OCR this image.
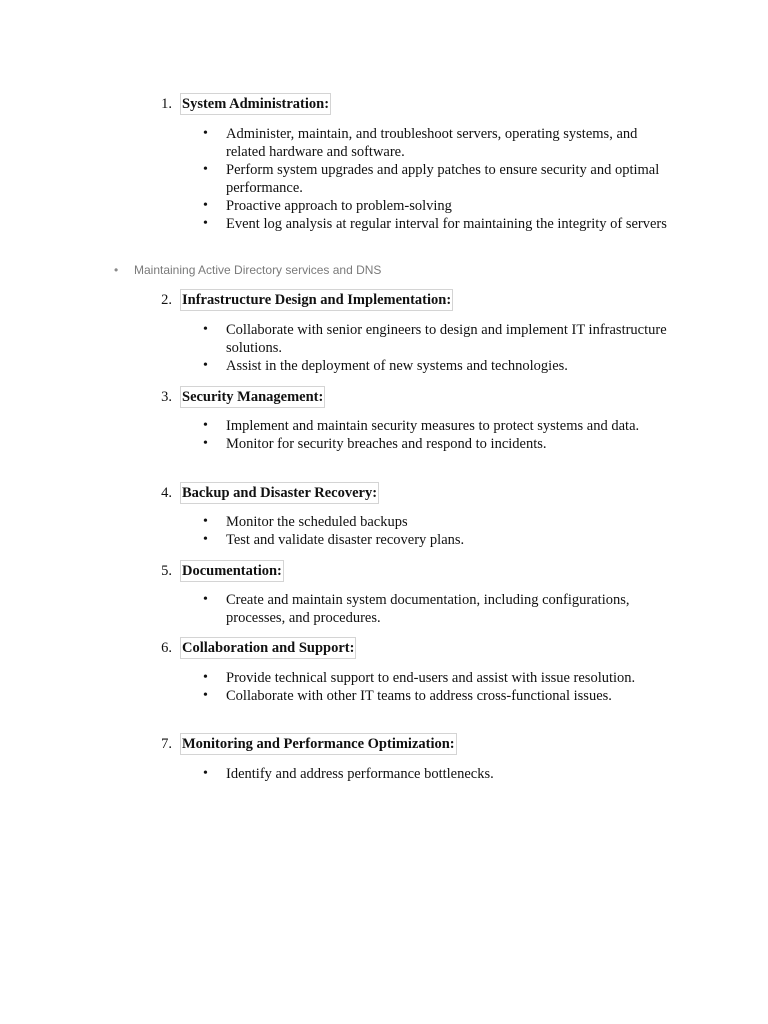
1. System Administration:
• Administer, maintain, and troubleshoot servers, operating systems, and related hardware and software.
• Perform system upgrades and apply patches to ensure security and optimal performance.
• Proactive approach to problem-solving
• Event log analysis at regular interval for maintaining the integrity of servers
• Maintaining Active Directory services and DNS
2. Infrastructure Design and Implementation:
• Collaborate with senior engineers to design and implement IT infrastructure solutions.
• Assist in the deployment of new systems and technologies.
3. Security Management:
• Implement and maintain security measures to protect systems and data.
• Monitor for security breaches and respond to incidents.
4. Backup and Disaster Recovery:
• Monitor the scheduled backups
• Test and validate disaster recovery plans.
5. Documentation:
• Create and maintain system documentation, including configurations, processes, and procedures.
6. Collaboration and Support:
• Provide technical support to end-users and assist with issue resolution.
• Collaborate with other IT teams to address cross-functional issues.
7. Monitoring and Performance Optimization:
• Identify and address performance bottlenecks.
